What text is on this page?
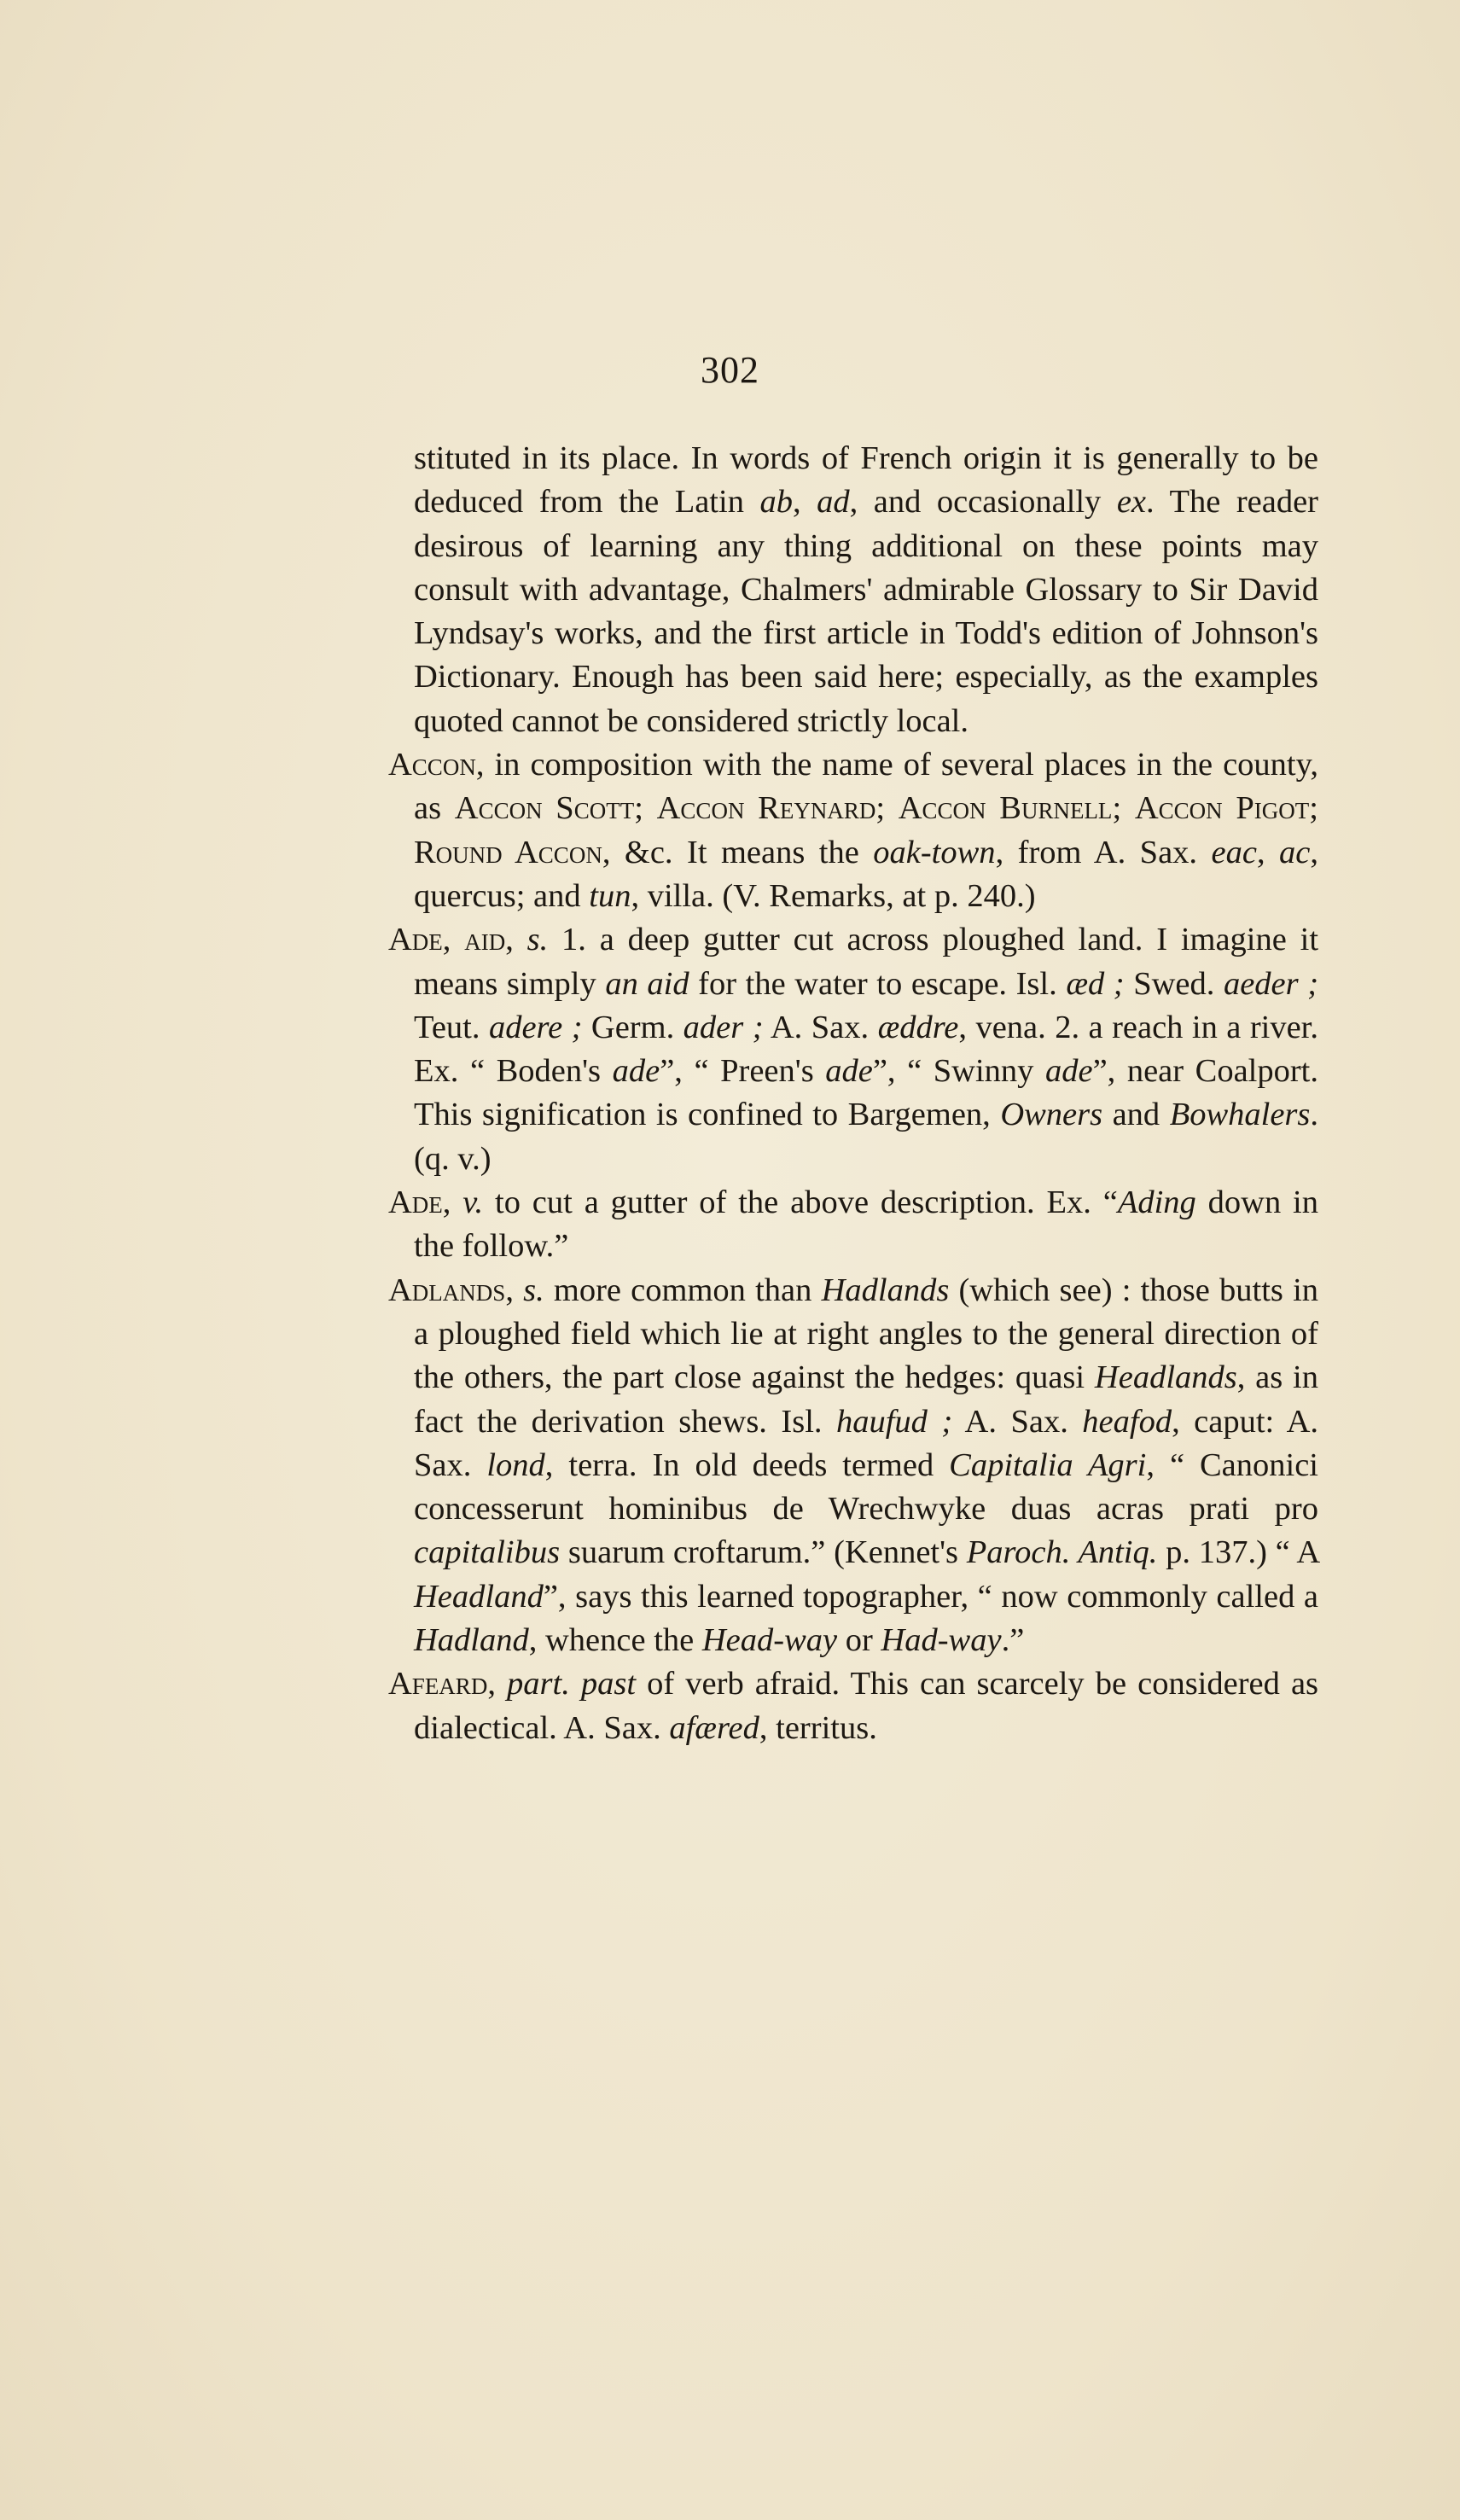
302

stituted in its place. In words of French origin it is generally to be deduced from the Latin ab, ad, and occasionally ex. The reader desirous of learning any thing additional on these points may consult with advantage, Chalmers' admirable Glossary to Sir David Lyndsay's works, and the first article in Todd's edition of Johnson's Dictionary. Enough has been said here; especially, as the examples quoted cannot be considered strictly local.

Accon, in composition with the name of several places in the county, as Accon Scott; Accon Reynard; Accon Burnell; Accon Pigot; Round Accon, &c. It means the oak-town, from A. Sax. eac, ac, quercus; and tun, villa. (V. Remarks, at p. 240.)

Ade, aid, s. 1. a deep gutter cut across ploughed land. I imagine it means simply an aid for the water to escape. Isl. æd ; Swed. aeder ; Teut. adere ; Germ. ader ; A. Sax. æddre, vena. 2. a reach in a river. Ex. “ Boden's ade”, “ Preen's ade”, “ Swinny ade”, near Coalport. This signification is confined to Bargemen, Owners and Bowhalers. (q. v.)

Ade, v. to cut a gutter of the above description. Ex. “Ading down in the follow.”

Adlands, s. more common than Hadlands (which see) : those butts in a ploughed field which lie at right angles to the general direction of the others, the part close against the hedges: quasi Headlands, as in fact the derivation shews. Isl. haufud ; A. Sax. heafod, caput: A. Sax. lond, terra. In old deeds termed Capitalia Agri, “ Canonici concesserunt hominibus de Wrechwyke duas acras prati pro capitalibus suarum croftarum.” (Kennet's Paroch. Antiq. p. 137.) “ A Headland”, says this learned topographer, “ now commonly called a Hadland, whence the Head-way or Had-way.”

Afeard, part. past of verb afraid. This can scarcely be considered as dialectical. A. Sax. afæred, territus.
